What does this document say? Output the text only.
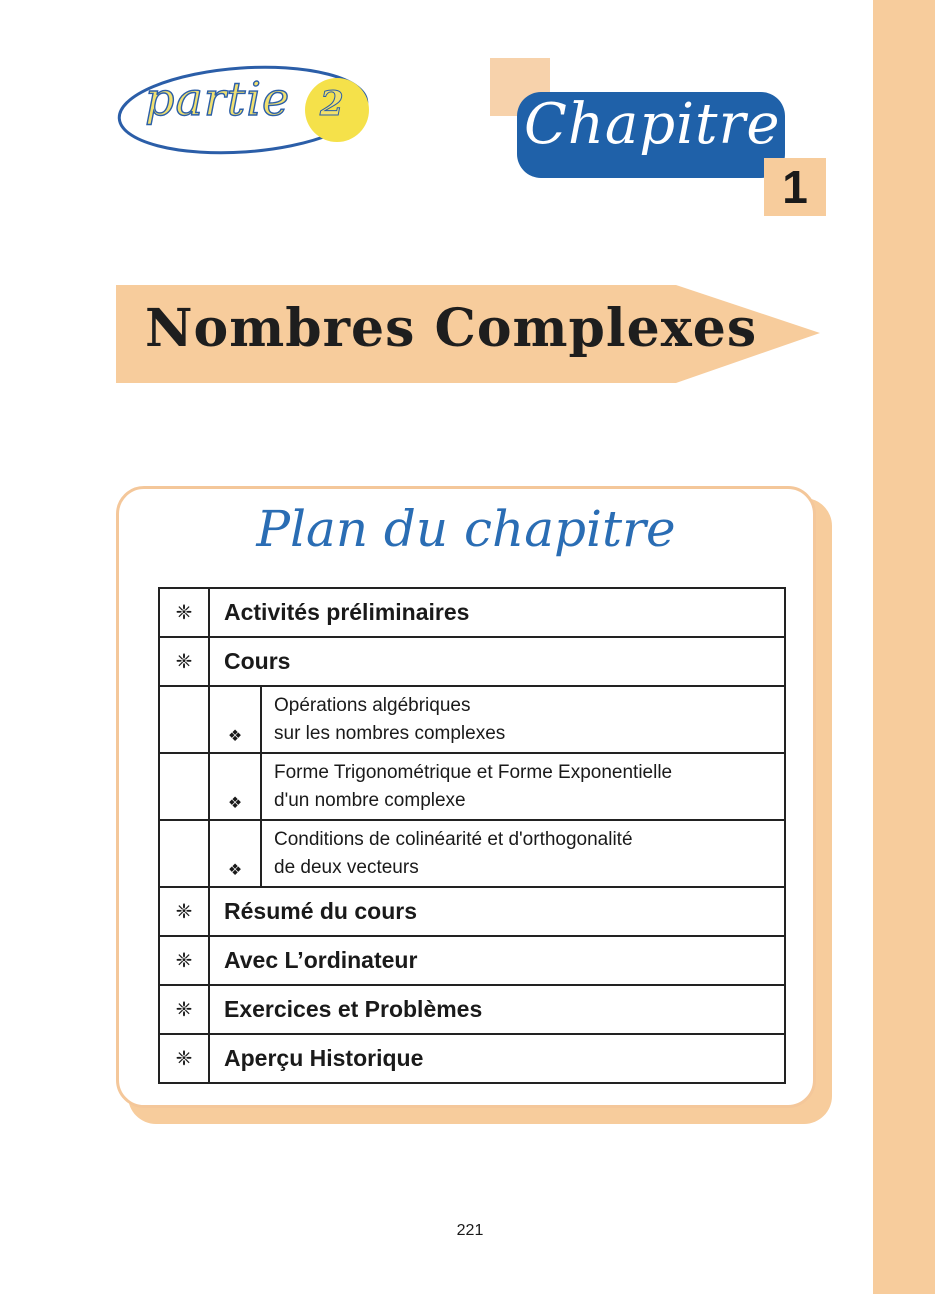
partie 2	Chapitre
1
Nombres Complexes
Plan du chapitre
❈	Activités préliminaires	
❈	Cours	
	❖	Opérations algébriques
sur les nombres complexes

	❖	Forme Trigonométrique et Forme Exponentielle
d'un nombre complexe

	❖	Conditions de colinéarité et d'orthogonalité
de deux vecteurs

❈	Résumé du cours	
❈	Avec L’ordinateur	
❈	Exercices et Problèmes	
❈	Aperçu Historique	
221
